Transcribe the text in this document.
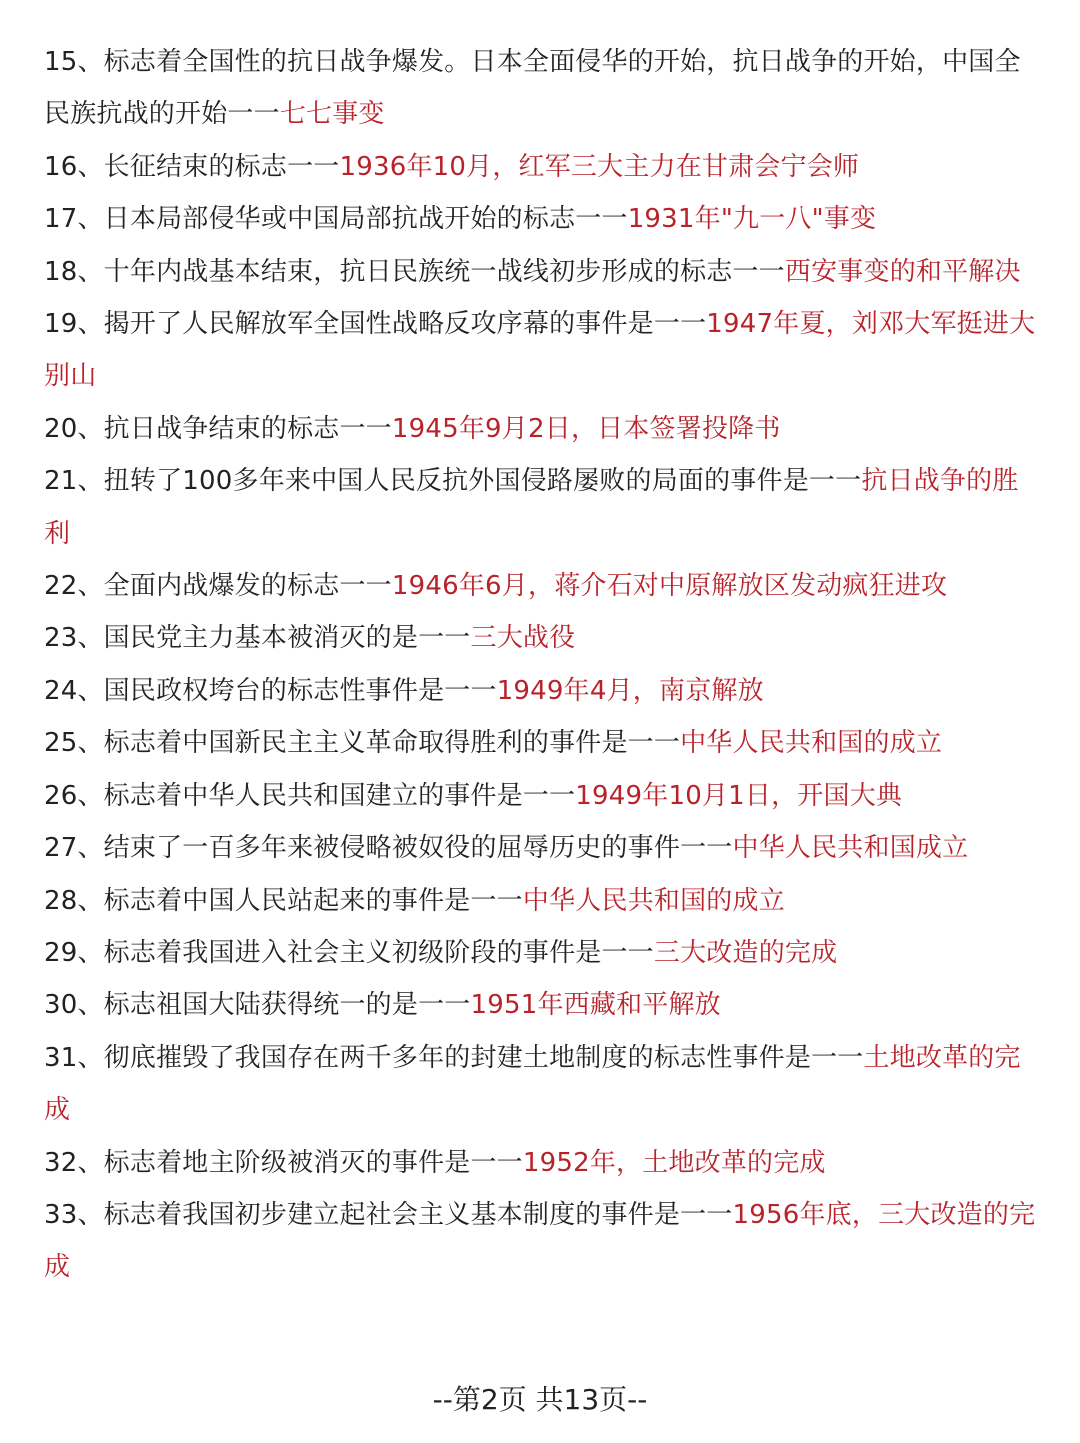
15、标志着全国性的抗日战争爆发。日本全面侵华的开始，抗日战争的开始，中国全民族抗战的开始一一七七事变

16、长征结束的标志一一1936年10月，红军三大主力在甘肃会宁会师

17、日本局部侵华或中国局部抗战开始的标志一一1931年"九一八"事变

18、十年内战基本结束，抗日民族统一战线初步形成的标志一一西安事变的和平解决

19、揭开了人民解放军全国性战略反攻序幕的事件是一一1947年夏，刘邓大军挺进大别山

20、抗日战争结束的标志一一1945年9月2日，日本签署投降书

21、扭转了100多年来中国人民反抗外国侵路屡败的局面的事件是一一抗日战争的胜利

22、全面内战爆发的标志一一1946年6月，蒋介石对中原解放区发动疯狂进攻

23、国民党主力基本被消灭的是一一三大战役

24、国民政权垮台的标志性事件是一一1949年4月，南京解放

25、标志着中国新民主主义革命取得胜利的事件是一一中华人民共和国的成立

26、标志着中华人民共和国建立的事件是一一1949年10月1日，开国大典

27、结束了一百多年来被侵略被奴役的屈辱历史的事件一一中华人民共和国成立

28、标志着中国人民站起来的事件是一一中华人民共和国的成立

29、标志着我国进入社会主义初级阶段的事件是一一三大改造的完成

30、标志祖国大陆获得统一的是一一1951年西藏和平解放

31、彻底摧毁了我国存在两千多年的封建土地制度的标志性事件是一一土地改革的完成

32、标志着地主阶级被消灭的事件是一一1952年，土地改革的完成

33、标志着我国初步建立起社会主义基本制度的事件是一一1956年底，三大改造的完成

--第2页 共13页--
